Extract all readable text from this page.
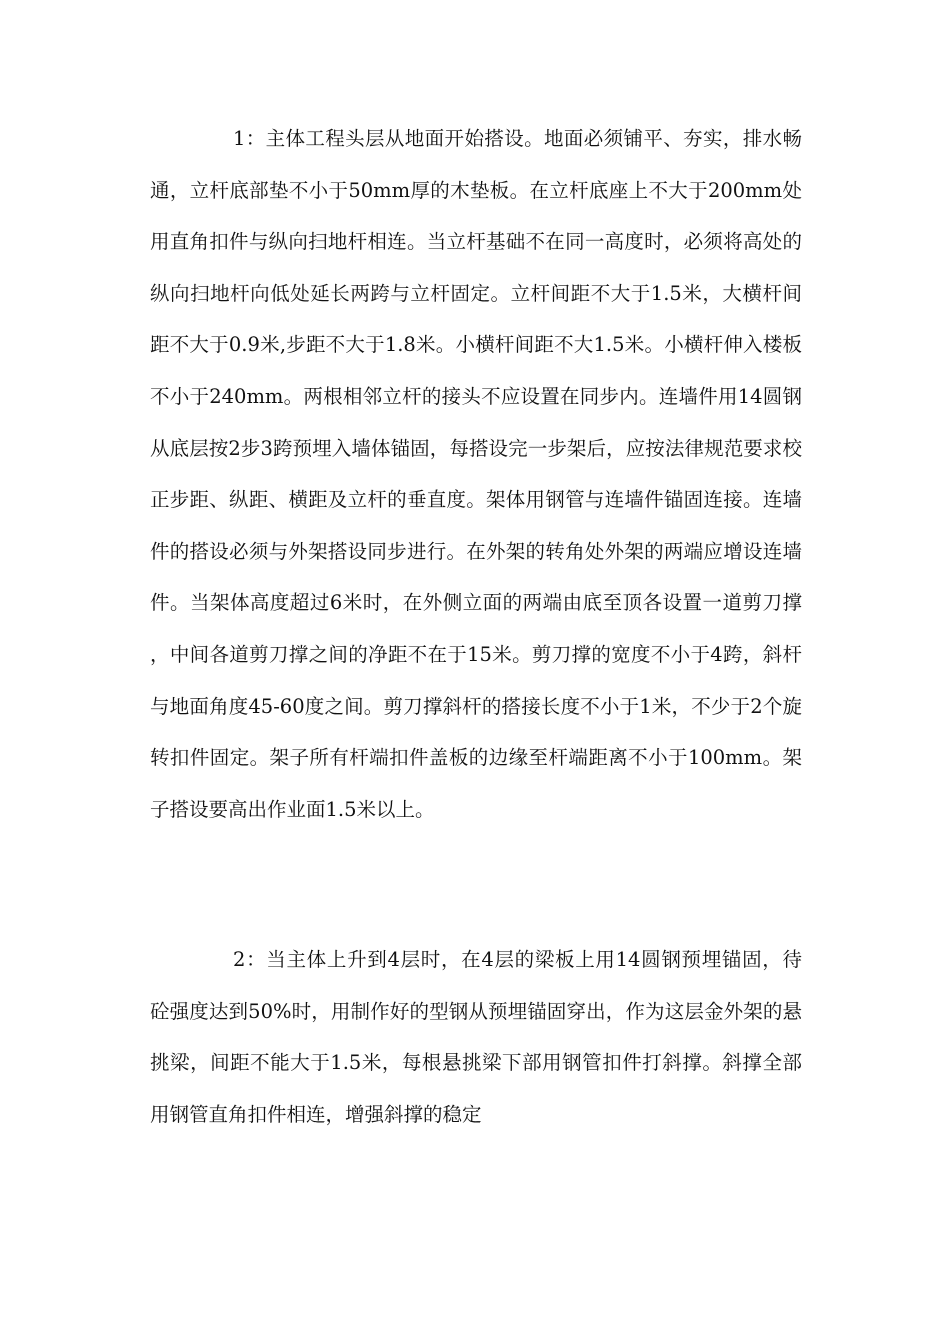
1：主体工程头层从地面开始搭设。地面必须铺平、夯实，排水畅通，立杆底部垫不小于50mm厚的木垫板。在立杆底座上不大于200mm处用直角扣件与纵向扫地杆相连。当立杆基础不在同一高度时，必须将高处的纵向扫地杆向低处延长两跨与立杆固定。立杆间距不大于1.5米，大横杆间距不大于0.9米,步距不大于1.8米。小横杆间距不大1.5米。小横杆伸入楼板不小于240mm。两根相邻立杆的接头不应设置在同步内。连墙件用14圆钢从底层按2步3跨预埋入墙体锚固，每搭设完一步架后，应按法律规范要求校正步距、纵距、横距及立杆的垂直度。架体用钢管与连墙件锚固连接。连墙件的搭设必须与外架搭设同步进行。在外架的转角处外架的两端应增设连墙件。当架体高度超过6米时，在外侧立面的两端由底至顶各设置一道剪刀撑，中间各道剪刀撑之间的净距不在于15米。剪刀撑的宽度不小于4跨，斜杆与地面角度45-60度之间。剪刀撑斜杆的搭接长度不小于1米，不少于2个旋转扣件固定。架子所有杆端扣件盖板的边缘至杆端距离不小于100mm。架子搭设要高出作业面1.5米以上。

2：当主体上升到4层时，在4层的梁板上用14圆钢预埋锚固，待砼强度达到50%时，用制作好的型钢从预埋锚固穿出，作为这层金外架的悬挑梁，间距不能大于1.5米，每根悬挑梁下部用钢管扣件打斜撑。斜撑全部用钢管直角扣件相连，增强斜撑的稳定
